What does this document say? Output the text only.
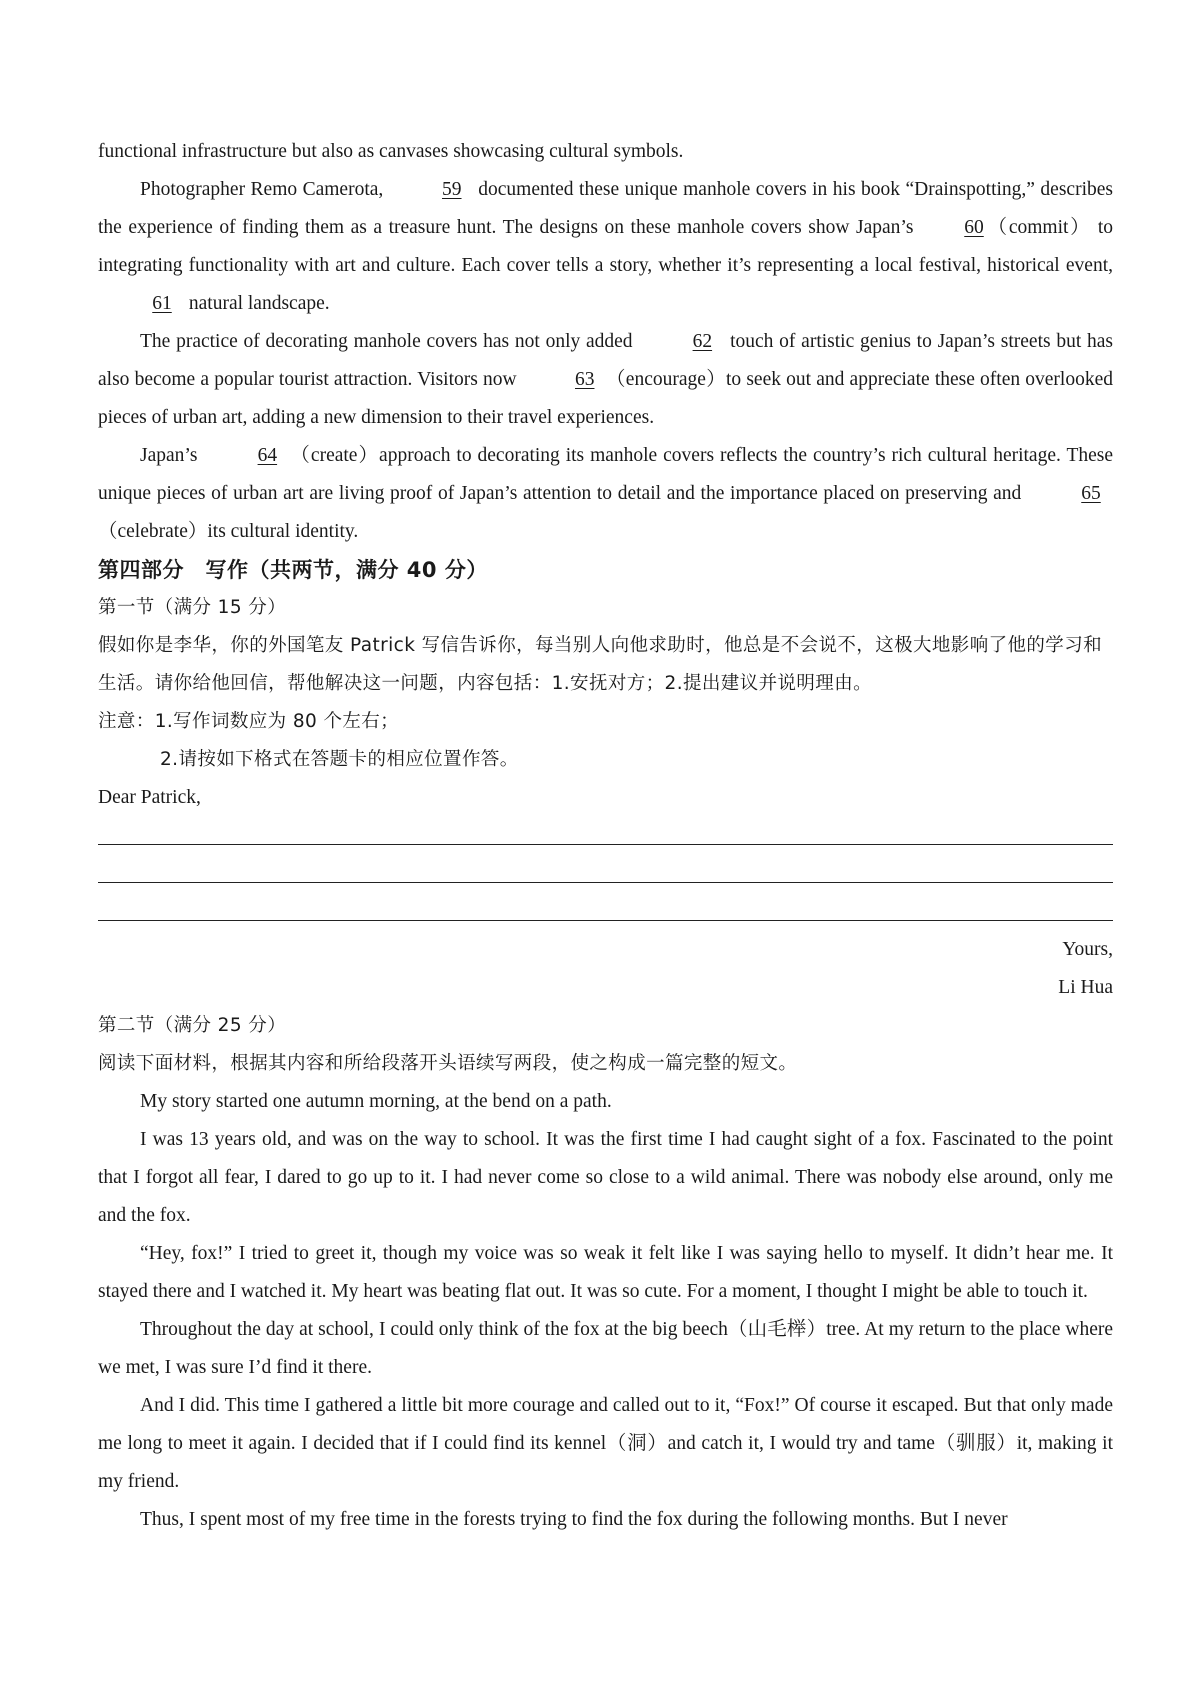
functional infrastructure but also as canvases showcasing cultural symbols.

Photographer Remo Camerota,	59 documented these unique manhole covers in his book “Drainspotting,” describes the experience of finding them as a treasure hunt. The designs on these manhole covers show Japan’s 60 （commit） to integrating functionality with art and culture. Each cover tells a story, whether it’s representing a local festival, historical event, 61 natural landscape.

The practice of decorating manhole covers has not only added	62 touch of artistic genius to Japan’s streets but has also become a popular tourist attraction. Visitors now	63 （encourage）to seek out and appreciate these often overlooked pieces of urban art, adding a new dimension to their travel experiences.

Japan’s	64 （create）approach to decorating its manhole covers reflects the country’s rich cultural heritage. These unique pieces of urban art are living proof of Japan’s attention to detail and the importance placed on preserving and	65 （celebrate）its cultural identity.

第四部分　写作（共两节，满分 40 分）

第一节（满分 15 分）

假如你是李华，你的外国笔友 Patrick 写信告诉你，每当别人向他求助时，他总是不会说不，这极大地影响了他的学习和生活。请你给他回信，帮他解决这一问题，内容包括：1.安抚对方；2.提出建议并说明理由。

注意：1.写作词数应为 80 个左右；

2.请按如下格式在答题卡的相应位置作答。

Dear Patrick,

Yours,

Li Hua

第二节（满分 25 分）

阅读下面材料，根据其内容和所给段落开头语续写两段，使之构成一篇完整的短文。

My story started one autumn morning, at the bend on a path.

I was 13 years old, and was on the way to school. It was the first time I had caught sight of a fox. Fascinated to the point that I forgot all fear, I dared to go up to it. I had never come so close to a wild animal. There was nobody else around, only me and the fox.

“Hey, fox!” I tried to greet it, though my voice was so weak it felt like I was saying hello to myself. It didn’t hear me. It stayed there and I watched it. My heart was beating flat out. It was so cute. For a moment, I thought I might be able to touch it.

Throughout the day at school, I could only think of the fox at the big beech（山毛榉）tree. At my return to the place where we met, I was sure I’d find it there.

And I did. This time I gathered a little bit more courage and called out to it, “Fox!” Of course it escaped. But that only made me long to meet it again. I decided that if I could find its kennel（洞）and catch it, I would try and tame（驯服）it, making it my friend.

Thus, I spent most of my free time in the forests trying to find the fox during the following months. But I never
